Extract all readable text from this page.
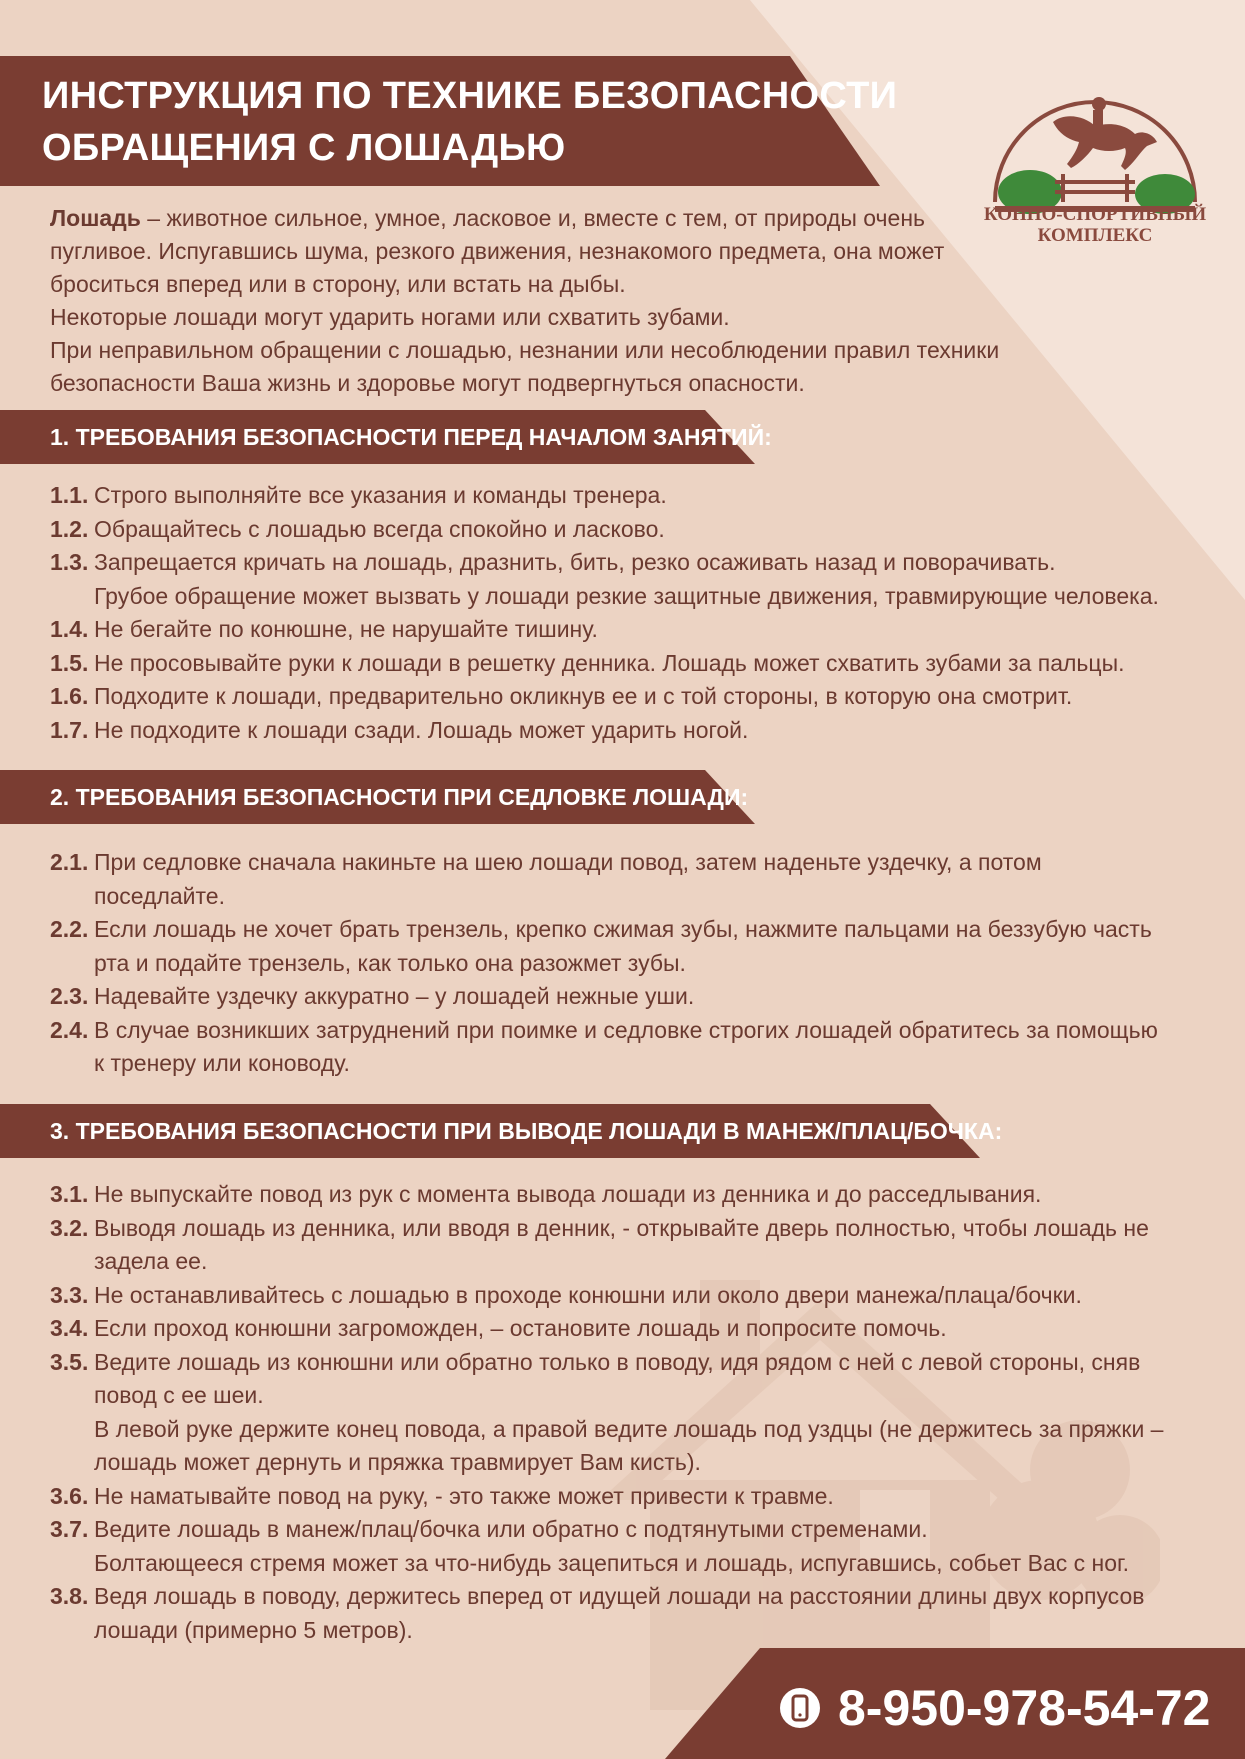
ИНСТРУКЦИЯ ПО ТЕХНИКЕ БЕЗОПАСНОСТИ
ОБРАЩЕНИЯ С ЛОШАДЬЮ
КОННО-СПОРТИВНЫЙ
КОМПЛЕКС
Лошадь – животное сильное, умное, ласковое и, вместе с тем, от природы очень пугливое. Испугавшись шума, резкого движения, незнакомого предмета, она может броситься вперед или в сторону, или встать на дыбы.
Некоторые лошади могут ударить ногами или схватить зубами.
При неправильном обращении с лошадью, незнании или несоблюдении правил техники безопасности Ваша жизнь и здоровье могут подвергнуться опасности.
1. ТРЕБОВАНИЯ БЕЗОПАСНОСТИ ПЕРЕД НАЧАЛОМ ЗАНЯТИЙ:
1.1. Строго выполняйте все указания и команды тренера.
1.2. Обращайтесь с лошадью всегда спокойно и ласково.
1.3. Запрещается кричать на лошадь, дразнить, бить, резко осаживать назад и поворачивать.
Грубое обращение может вызвать у лошади резкие защитные движения, травмирующие человека.
1.4. Не бегайте по конюшне, не нарушайте тишину.
1.5. Не просовывайте руки к лошади в решетку денника. Лошадь может схватить зубами за пальцы.
1.6. Подходите к лошади, предварительно окликнув ее и с той стороны, в которую она смотрит.
1.7. Не подходите к лошади сзади. Лошадь может ударить ногой.
2. ТРЕБОВАНИЯ БЕЗОПАСНОСТИ ПРИ СЕДЛОВКЕ ЛОШАДИ:
2.1. При седловке сначала накиньте на шею лошади повод, затем наденьте уздечку, а потом поседлайте.
2.2. Если лошадь не хочет брать трензель, крепко сжимая зубы, нажмите пальцами на беззубую часть рта и подайте трензель, как только она разожмет зубы.
2.3. Надевайте уздечку аккуратно – у лошадей нежные уши.
2.4. В случае возникших затруднений при поимке и седловке строгих лошадей обратитесь за помощью к тренеру или коноводу.
3. ТРЕБОВАНИЯ БЕЗОПАСНОСТИ ПРИ ВЫВОДЕ ЛОШАДИ В МАНЕЖ/ПЛАЦ/БОЧКА:
3.1. Не выпускайте повод из рук с момента вывода лошади из денника и до расседлывания.
3.2. Выводя лошадь из денника, или вводя в денник, - открывайте дверь полностью, чтобы лошадь не задела ее.
3.3. Не останавливайтесь с лошадью в проходе конюшни или около двери манежа/плаца/бочки.
3.4. Если проход конюшни загроможден, – остановите лошадь и попросите помочь.
3.5. Ведите лошадь из конюшни или обратно только в поводу, идя рядом с ней с левой стороны, сняв повод с ее шеи.
В левой руке держите конец повода, а правой ведите лошадь под уздцы (не держитесь за пряжки –лошадь может дернуть и пряжка травмирует Вам кисть).
3.6. Не наматывайте повод на руку, - это также может привести к травме.
3.7. Ведите лошадь в манеж/плац/бочка или обратно с подтянутыми стременами.
Болтающееся стремя может за что-нибудь зацепиться и лошадь, испугавшись, собьет Вас с ног.
3.8. Ведя лошадь в поводу, держитесь вперед от идущей лошади на расстоянии длины двух корпусов лошади (примерно 5 метров).
8-950-978-54-72
